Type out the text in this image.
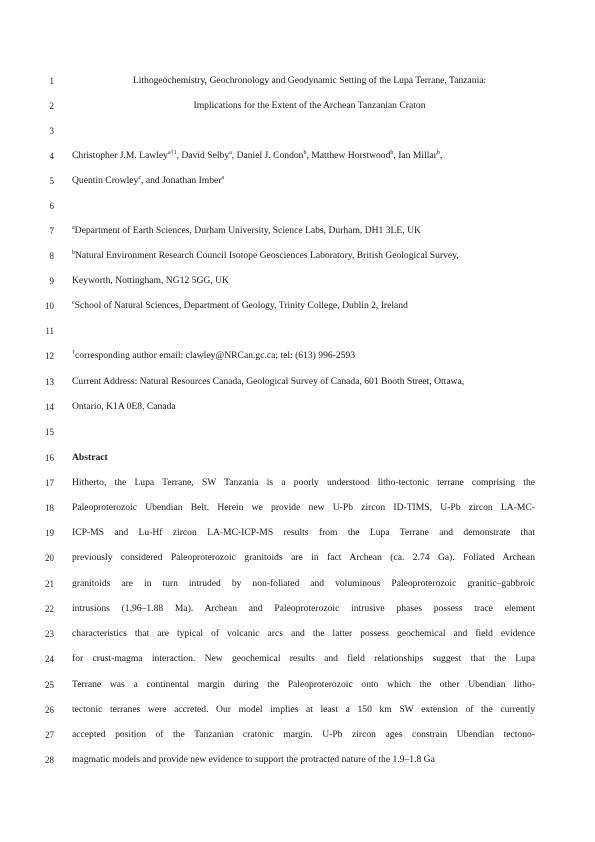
1	Lithogeochemistry, Geochronology and Geodynamic Setting of the Lupa Terrane, Tanzania:
2	Implications for the Extent of the Archean Tanzanian Craton
3
4 Christopher J.M. Lawley$^{a\dagger 1}$, David Selby$^a$, Daniel J. Condon$^b$, Matthew Horstwood$^b$, Ian Millar$^b$,
5 Quentin Crowley$^c$, and Jonathan Imber$^a$
6
7	$^a$Department of Earth Sciences, Durham University, Science Labs, Durham, DH1 3LE, UK
8	$^b$Natural Environment Research Council Isotope Geosciences Laboratory, British Geological Survey,
9 Keyworth, Nottingham, NG12 5GG, UK
10	$^c$School of Natural Sciences, Department of Geology, Trinity College, Dublin 2, Ireland
11
12	†corresponding author email: clawley@NRCan.gc.ca; tel: (613) 996-2593
13 Current Address: Natural Resources Canada, Geological Survey of Canada, 601 Booth Street, Ottawa,
14 Ontario, K1A 0E8, Canada
15
16 Abstract
17 Hitherto, the Lupa Terrane, SW Tanzania is a poorly understood litho-tectonic terrane comprising the
18 Paleoproterozoic Ubendian Belt. Herein we provide new U-Pb zircon ID-TIMS, U-Pb zircon LA-MC-
19 ICP-MS and Lu-Hf zircon LA-MC-ICP-MS results from the Lupa Terrane and demonstrate that
20 previously considered Paleoproterozoic granitoids are in fact Archean (ca. 2.74 Ga). Foliated Archean
21 granitoids are in turn intruded by non-foliated and voluminous Paleoproterozoic granitic–gabbroic
22 intrusions (1.96–1.88 Ma). Archean and Paleoproterozoic intrusive phases possess trace element
23 characteristics that are typical of volcanic arcs and the latter possess geochemical and field evidence
24 for crust-magma interaction. New geochemical results and field relationships suggest that the Lupa
25 Terrane was a continental margin during the Paleoproterozoic onto which the other Ubendian litho-
26 tectonic terranes were accreted. Our model implies at least a 150 km SW extension of the currently
27 accepted position of the Tanzanian cratonic margin. U-Pb zircon ages constrain Ubendian tectono-
28 magmatic models and provide new evidence to support the protracted nature of the 1.9–1.8 Ga
